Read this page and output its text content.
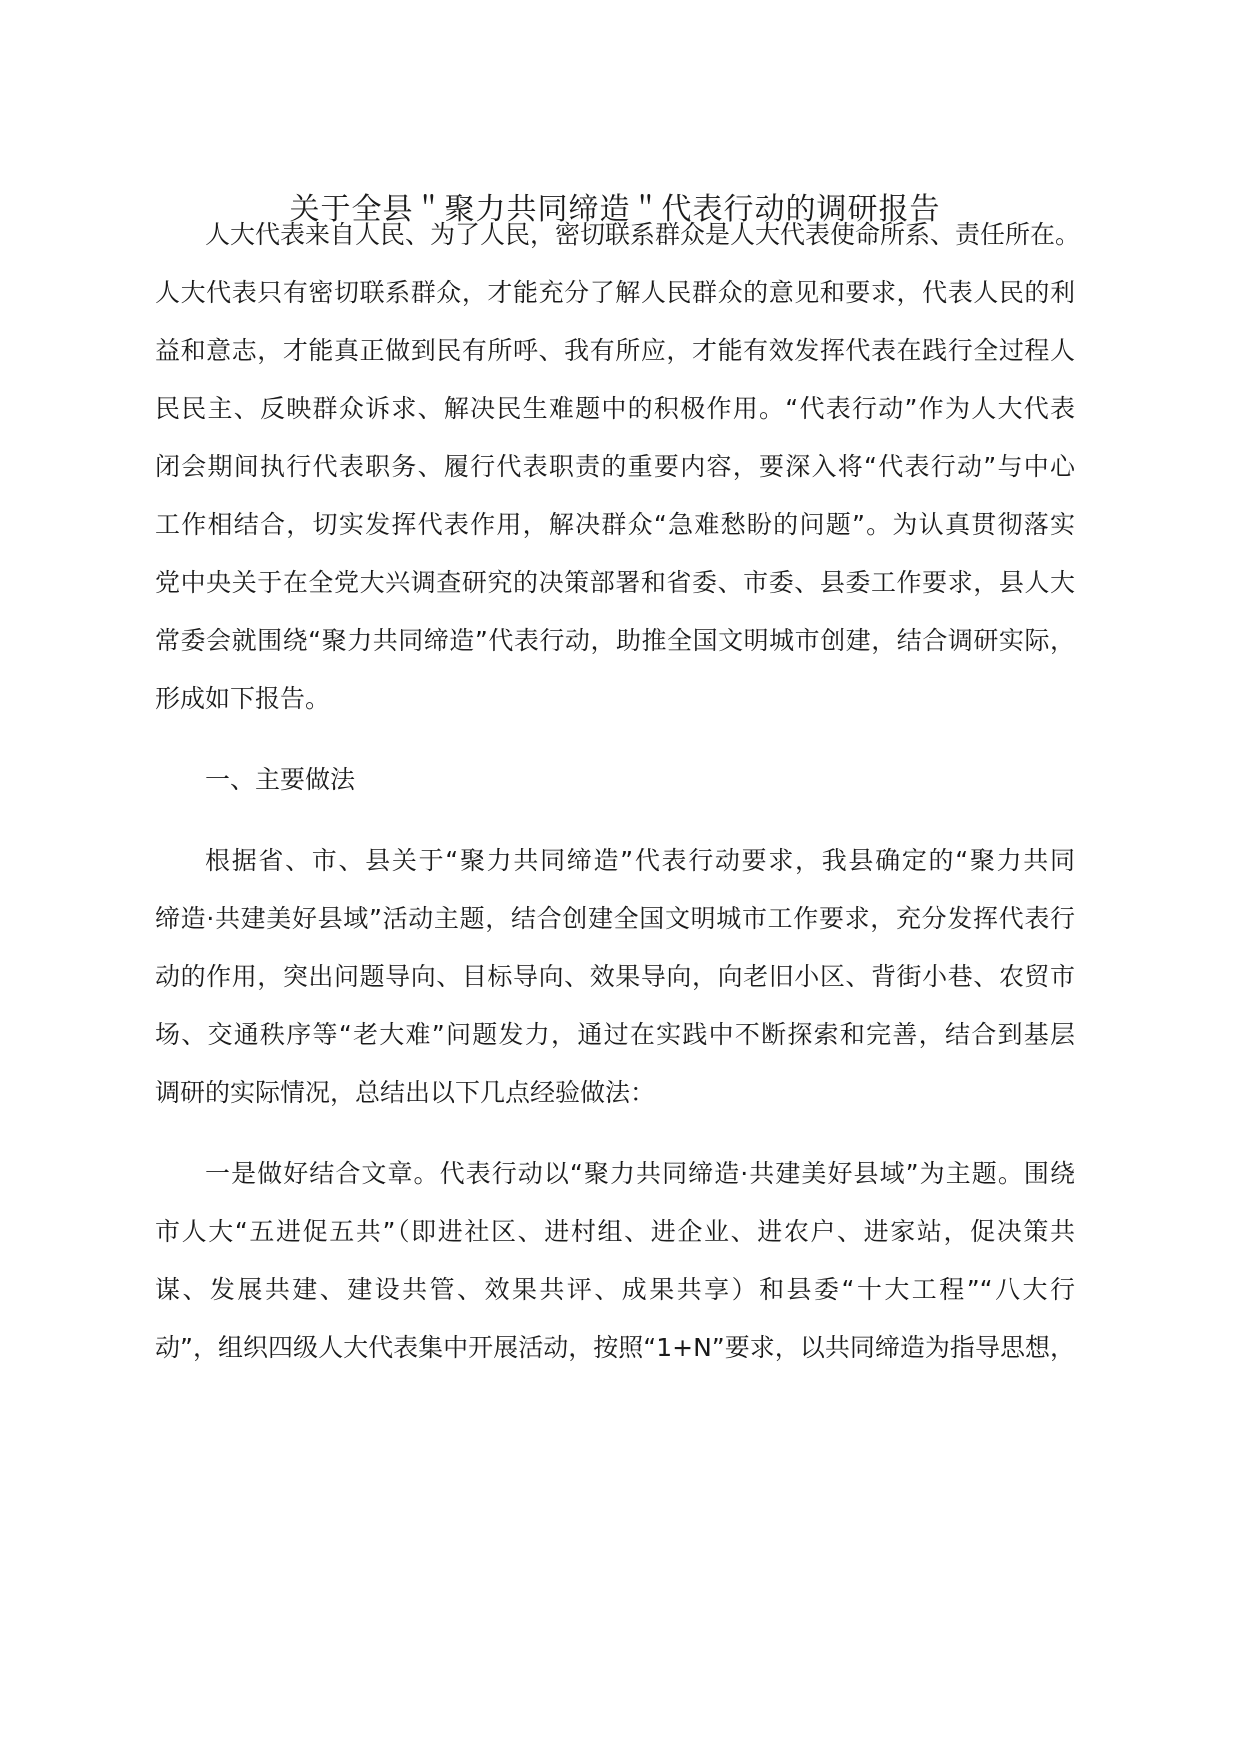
关于全县＂聚力共同缔造＂代表行动的调研报告
人大代表来自人民、为了人民，密切联系群众是人大代表使命所系、责任所在。
人大代表只有密切联系群众，才能充分了解人民群众的意见和要求，代表人民的利
益和意志，才能真正做到民有所呼、我有所应，才能有效发挥代表在践行全过程人
民民主、反映群众诉求、解决民生难题中的积极作用。“代表行动”作为人大代表
闭会期间执行代表职务、履行代表职责的重要内容，要深入将“代表行动”与中心
工作相结合，切实发挥代表作用，解决群众“急难愁盼的问题”。为认真贯彻落实
党中央关于在全党大兴调查研究的决策部署和省委、市委、县委工作要求，县人大
常委会就围绕“聚力共同缔造”代表行动，助推全国文明城市创建，结合调研实际，
形成如下报告。
一、主要做法
根据省、市、县关于“聚力共同缔造”代表行动要求，我县确定的“聚力共同
缔造·共建美好县域”活动主题，结合创建全国文明城市工作要求，充分发挥代表行
动的作用，突出问题导向、目标导向、效果导向，向老旧小区、背街小巷、农贸市
场、交通秩序等“老大难”问题发力，通过在实践中不断探索和完善，结合到基层
调研的实际情况，总结出以下几点经验做法：
一是做好结合文章。代表行动以“聚力共同缔造·共建美好县域”为主题。围绕
市人大“五进促五共”（即进社区、进村组、进企业、进农户、进家站，促决策共
谋、发展共建、建设共管、效果共评、成果共享）和县委“十大工程”“八大行
动”，组织四级人大代表集中开展活动，按照“1+N”要求，以共同缔造为指导思想，
